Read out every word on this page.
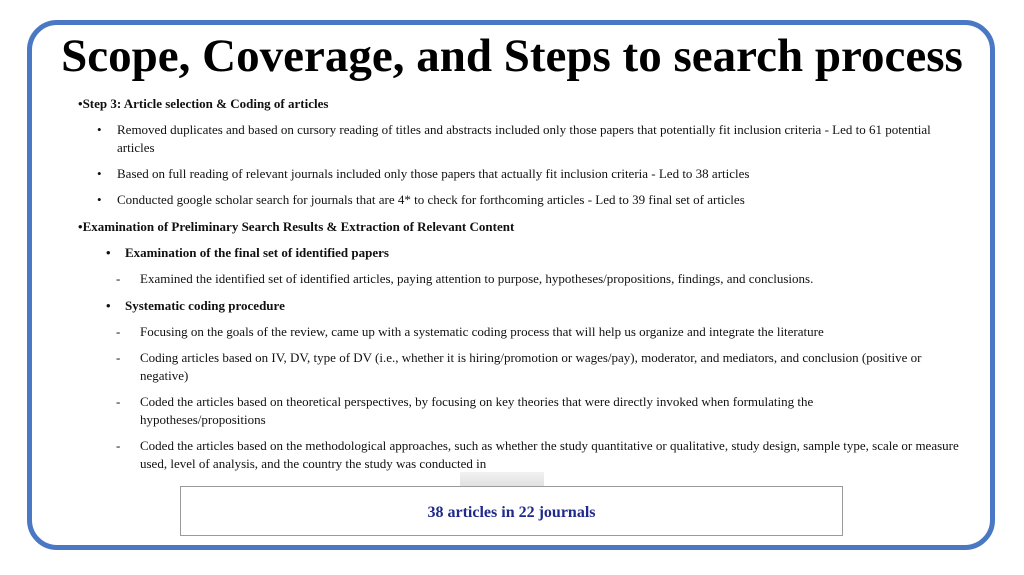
Scope, Coverage, and Steps to search process
•Step 3: Article selection & Coding of articles
• Removed duplicates and based on cursory reading of titles and abstracts included only those papers that potentially fit inclusion criteria - Led to 61 potential articles
• Based on full reading of relevant journals included only those papers that actually fit inclusion criteria - Led to 38 articles
• Conducted google scholar search for journals that are 4* to check for forthcoming articles - Led to 39 final set of articles
•Examination of Preliminary Search Results & Extraction of Relevant Content
• Examination of the final set of identified papers
- Examined the identified set of identified articles, paying attention to purpose, hypotheses/propositions, findings, and conclusions.
• Systematic coding procedure
- Focusing on the goals of the review, came up with a systematic coding process that will help us organize and integrate the literature
- Coding articles based on IV, DV, type of DV (i.e., whether it is hiring/promotion or wages/pay), moderator, and mediators, and conclusion (positive or negative)
- Coded the articles based on theoretical perspectives, by focusing on key theories that were directly invoked when formulating the hypotheses/propositions
- Coded the articles based on the methodological approaches, such as whether the study quantitative or qualitative, study design, sample type, scale or measure used, level of analysis, and the country the study was conducted in
38 articles in 22 journals
